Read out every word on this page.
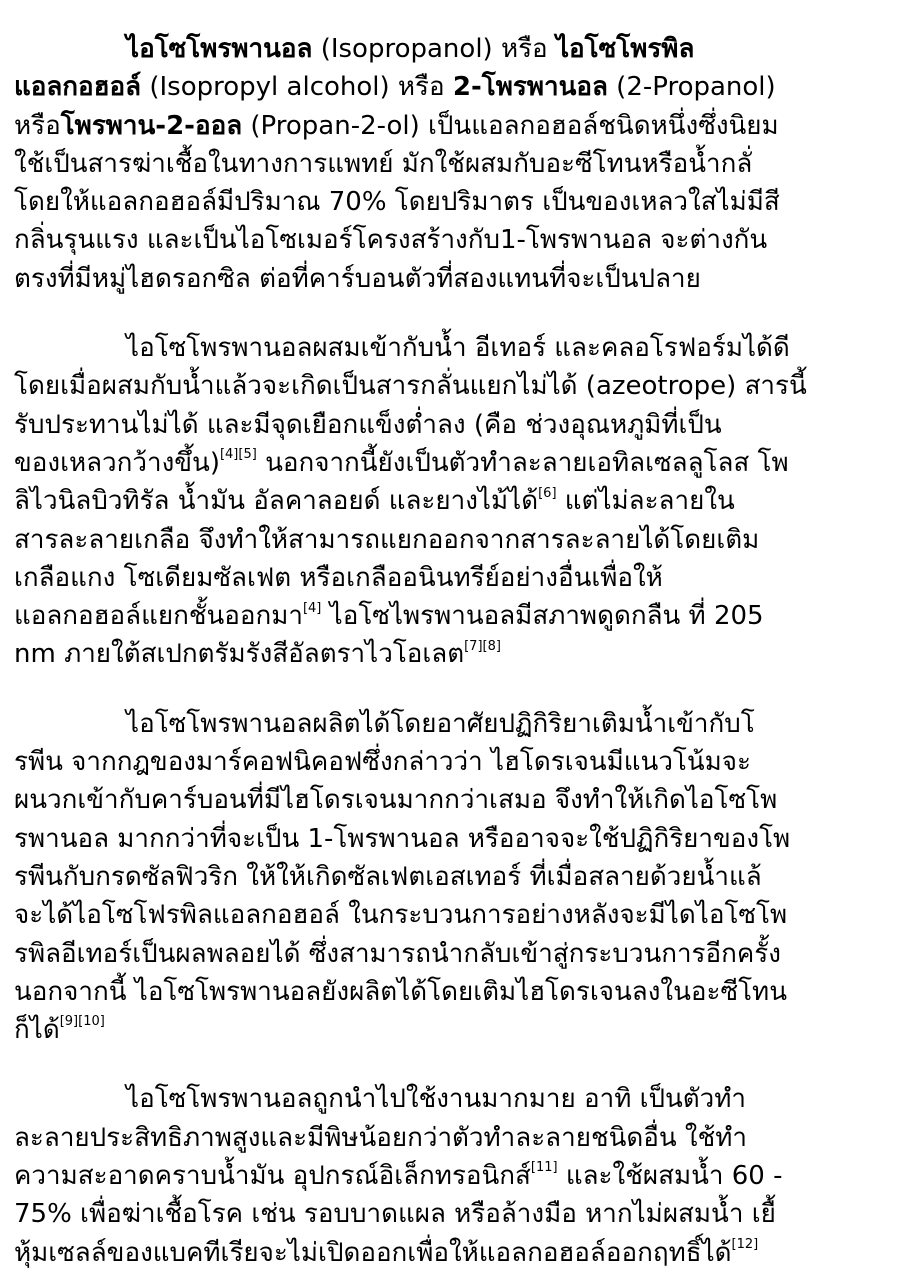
ไอโซโพรพานอล (Isopropanol) หรือ ไอโซโพรพิล
แอลกอฮอล์ (Isopropyl alcohol) หรือ 2-โพรพานอล (2-Propanol)
หรือโพรพาน-2-ออล (Propan-2-ol) เป็นแอลกอฮอล์ชนิดหนึ่งซึ่งนิยม
ใช้เป็นสารฆ่าเชื้อในทางการแพทย์ มักใช้ผสมกับอะซีโทนหรือน้ำกลั่
โดยให้แอลกอฮอล์มีปริมาณ 70% โดยปริมาตร เป็นของเหลวใสไม่มีสี
กลิ่นรุนแรง และเป็นไอโซเมอร์โครงสร้างกับ1-โพรพานอล จะต่างกัน
ตรงที่มีหมู่ไฮดรอกซิล ต่อที่คาร์บอนตัวที่สองแทนที่จะเป็นปลาย
ไอโซโพรพานอลผสมเข้ากับน้ำ อีเทอร์ และคลอโรฟอร์มได้ดี
โดยเมื่อผสมกับน้ำแล้วจะเกิดเป็นสารกลั่นแยกไม่ได้ (azeotrope) สารนี้
รับประทานไม่ได้ และมีจุดเยือกแข็งต่ำลง (คือ ช่วงอุณหภูมิที่เป็น
ของเหลวกว้างขึ้น)[4][5] นอกจากนี้ยังเป็นตัวทำละลายเอทิลเซลลูโลส โพ
ลิไวนิลบิวทิรัล น้ำมัน อัลคาลอยด์ และยางไม้ได้[6] แต่ไม่ละลายใน
สารละลายเกลือ จึงทำให้สามารถแยกออกจากสารละลายได้โดยเติม
เกลือแกง โซเดียมซัลเฟต หรือเกลืออนินทรีย์อย่างอื่นเพื่อให้
แอลกอฮอล์แยกชั้นออกมา[4] ไอโซไพรพานอลมีสภาพดูดกลืน ที่ 205
nm ภายใต้สเปกตรัมรังสีอัลตราไวโอเลต[7][8]
ไอโซโพรพานอลผลิตได้โดยอาศัยปฏิกิริยาเติมน้ำเข้ากับโ
รพีน จากกฎของมาร์คอฟนิคอฟซึ่งกล่าวว่า ไฮโดรเจนมีแนวโน้มจะ
ผนวกเข้ากับคาร์บอนที่มีไฮโดรเจนมากกว่าเสมอ จึงทำให้เกิดไอโซโพ
รพานอล มากกว่าที่จะเป็น 1-โพรพานอล หรืออาจจะใช้ปฏิกิริยาของโพ
รพีนกับกรดซัลฟิวริก ให้ให้เกิดซัลเฟตเอสเทอร์ ที่เมื่อสลายด้วยน้ำแล้
จะได้ไอโซโฟรพิลแอลกอฮอล์ ในกระบวนการอย่างหลังจะมีไดไอโซโพ
รพิลอีเทอร์เป็นผลพลอยได้ ซึ่งสามารถนำกลับเข้าสู่กระบวนการอีกครั้ง
นอกจากนี้ ไอโซโพรพานอลยังผลิตได้โดยเติมไฮโดรเจนลงในอะซีโทน
ก็ได้[9][10]
ไอโซโพรพานอลถูกนำไปใช้งานมากมาย อาทิ เป็นตัวทำ
ละลายประสิทธิภาพสูงและมีพิษน้อยกว่าตัวทำละลายชนิดอื่น ใช้ทำ
ความสะอาดคราบน้ำมัน อุปกรณ์อิเล็กทรอนิกส์[11] และใช้ผสมน้ำ 60 -
75% เพื่อฆ่าเชื้อโรค เช่น รอบบาดแผล หรือล้างมือ หากไม่ผสมน้ำ เยื้
หุ้มเซลล์ของแบคทีเรียจะไม่เปิดออกเพื่อให้แอลกอฮอล์ออกฤทธิ์ได้[12]
